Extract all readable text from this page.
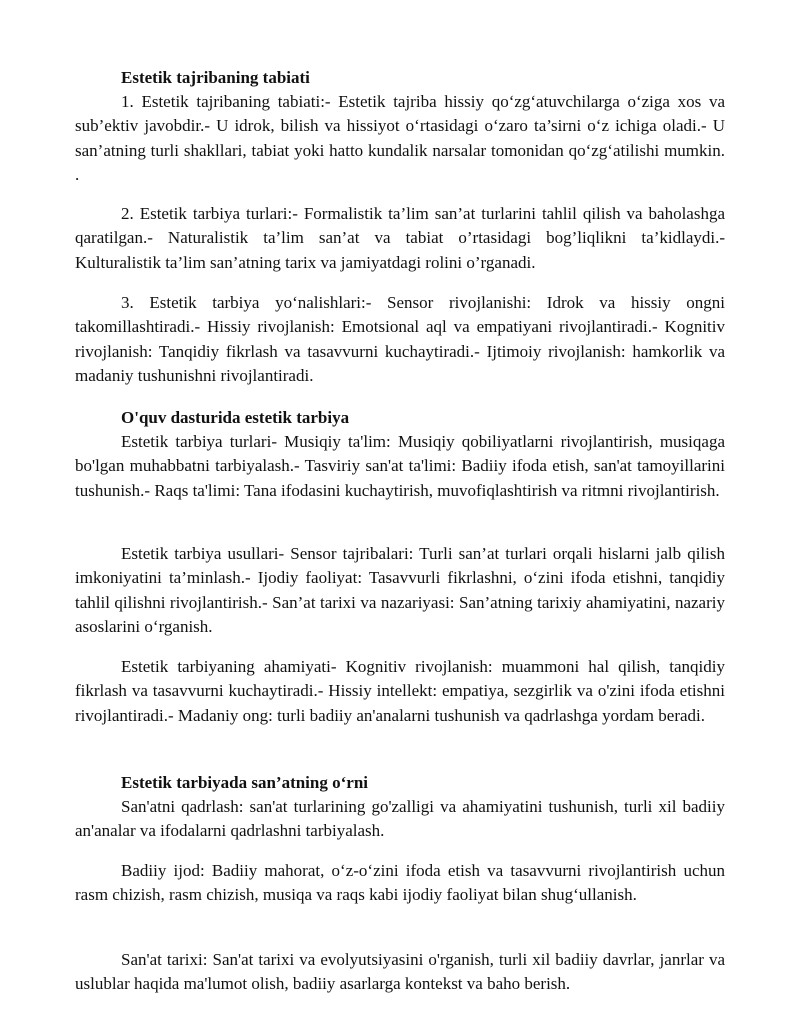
Estetik tajribaning tabiati

1. Estetik tajribaning tabiati:- Estetik tajriba hissiy qo‘zg‘atuvchilarga o‘ziga xos va sub’ektiv javobdir.- U idrok, bilish va hissiyot o‘rtasidagi o‘zaro ta’sirni o‘z ichiga oladi.- U san’atning turli shakllari, tabiat yoki hatto kundalik narsalar tomonidan qo‘zg‘atilishi mumkin. .

2. Estetik tarbiya turlari:- Formalistik ta’lim san’at turlarini tahlil qilish va baholashga qaratilgan.- Naturalistik ta’lim san’at va tabiat o’rtasidagi bog’liqlikni ta’kidlaydi.- Kulturalistik ta’lim san’atning tarix va jamiyatdagi rolini o’rganadi.

3. Estetik tarbiya yo‘nalishlari:- Sensor rivojlanishi: Idrok va hissiy ongni takomillashtiradi.- Hissiy rivojlanish: Emotsional aql va empatiyani rivojlantiradi.- Kognitiv rivojlanish: Tanqidiy fikrlash va tasavvurni kuchaytiradi.- Ijtimoiy rivojlanish: hamkorlik va madaniy tushunishni rivojlantiradi.

O'quv dasturida estetik tarbiya

Estetik tarbiya turlari- Musiqiy ta'lim: Musiqiy qobiliyatlarni rivojlantirish, musiqaga bo'lgan muhabbatni tarbiyalash.- Tasviriy san'at ta'limi: Badiiy ifoda etish, san'at tamoyillarini tushunish.- Raqs ta'limi: Tana ifodasini kuchaytirish, muvofiqlashtirish va ritmni rivojlantirish.

Estetik tarbiya usullari- Sensor tajribalari: Turli san’at turlari orqali hislarni jalb qilish imkoniyatini ta’minlash.- Ijodiy faoliyat: Tasavvurli fikrlashni, o‘zini ifoda etishni, tanqidiy tahlil qilishni rivojlantirish.- San’at tarixi va nazariyasi: San’atning tarixiy ahamiyatini, nazariy asoslarini o‘rganish.

Estetik tarbiyaning ahamiyati- Kognitiv rivojlanish: muammoni hal qilish, tanqidiy fikrlash va tasavvurni kuchaytiradi.- Hissiy intellekt: empatiya, sezgirlik va o'zini ifoda etishni rivojlantiradi.- Madaniy ong: turli badiiy an'analarni tushunish va qadrlashga yordam beradi.

Estetik tarbiyada san’atning o‘rni

San'atni qadrlash: san'at turlarining go'zalligi va ahamiyatini tushunish, turli xil badiiy an'analar va ifodalarni qadrlashni tarbiyalash.

Badiiy ijod: Badiiy mahorat, o‘z-o‘zini ifoda etish va tasavvurni rivojlantirish uchun rasm chizish, rasm chizish, musiqa va raqs kabi ijodiy faoliyat bilan shug‘ullanish.

San'at tarixi: San'at tarixi va evolyutsiyasini o'rganish, turli xil badiiy davrlar, janrlar va uslublar haqida ma'lumot olish, badiiy asarlarga kontekst va baho berish.
